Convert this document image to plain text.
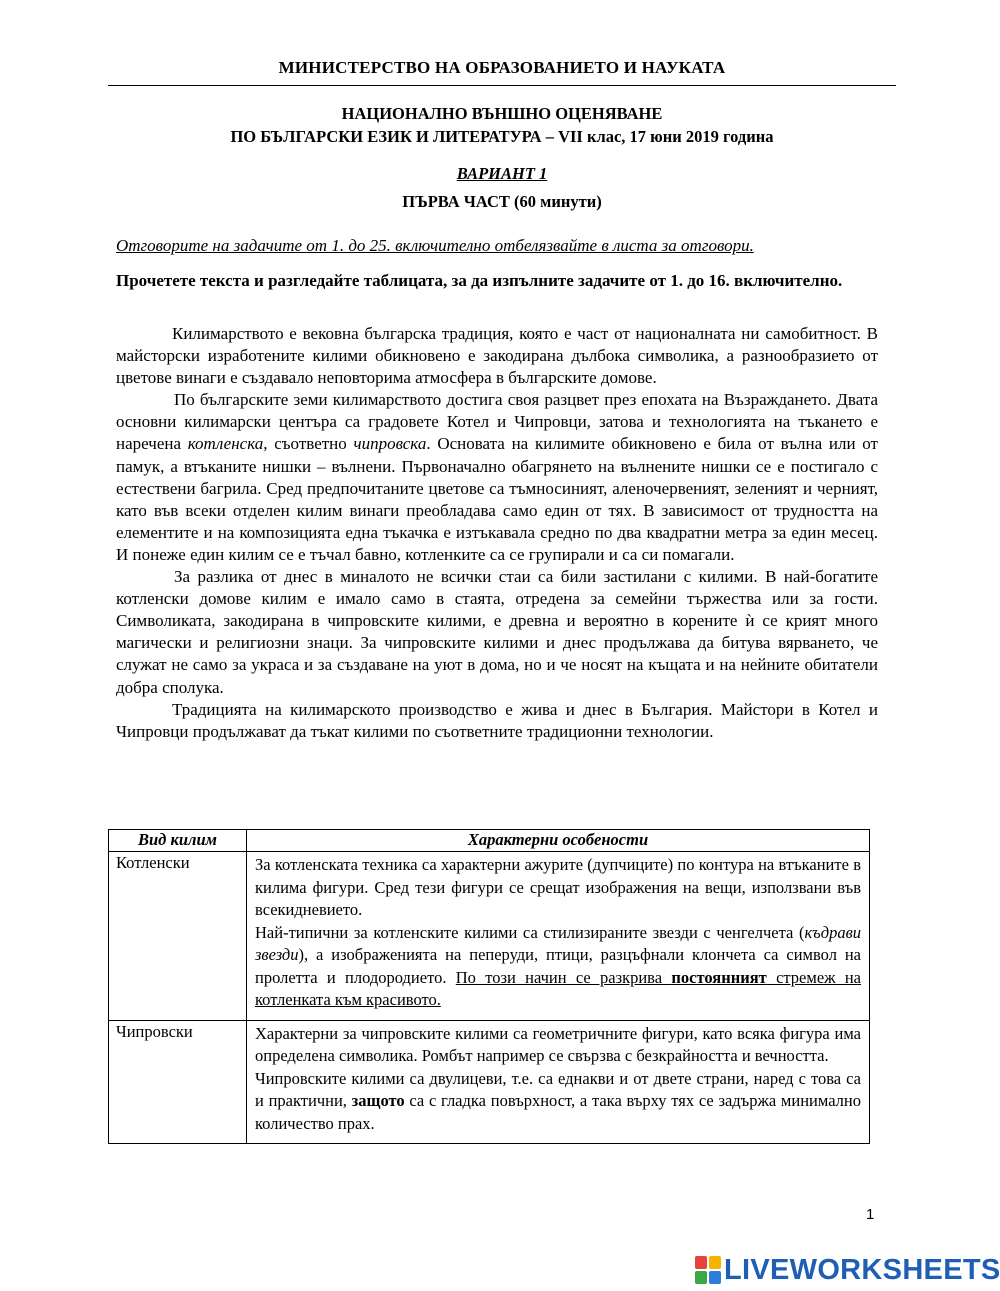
МИНИСТЕРСТВО НА ОБРАЗОВАНИЕТО И НАУКАТА
НАЦИОНАЛНО ВЪНШНО ОЦЕНЯВАНЕ
ПО БЪЛГАРСКИ ЕЗИК И ЛИТЕРАТУРА – VII клас, 17 юни 2019 година
ВАРИАНТ 1
ПЪРВА ЧАСТ (60 минути)
Отговорите на задачите от 1. до 25. включително отбелязвайте в листа за отговори.
Прочетете текста и разгледайте таблицата, за да изпълните задачите от 1. до 16. включително.

Килимарството е вековна българска традиция, която е част от националната ни самобитност. В майсторски изработените килими обикновено е закодирана дълбока символика, а разнообразието от цветове винаги е създавало неповторима атмосфера в българските домове.

По българските земи килимарството достига своя разцвет през епохата на Възраждането. Двата основни килимарски центъра са градовете Котел и Чипровци, затова и технологията на тъкането е наречена котленска, съответно чипровска. Основата на килимите обикновено е била от вълна или от памук, а втъканите нишки – вълнени. Първоначално обагрянето на вълнените нишки се е постигало с естествени багрила. Сред предпочитаните цветове са тъмносиният, аленочервеният, зеленият и черният, като във всеки отделен килим винаги преобладава само един от тях. В зависимост от трудността на елементите и на композицията една тъкачка е изтъкавала средно по два квадратни метра за един месец. И понеже един килим се е тъчал бавно, котленките са се групирали и са си помагали.

За разлика от днес в миналото не всички стаи са били застилани с килими. В най-богатите котленски домове килим е имало само в стаята, отредена за семейни тържества или за гости. Символиката, закодирана в чипровските килими, е древна и вероятно в корените ѝ се крият много магически и религиозни знаци. За чипровските килими и днес продължава да битува вярването, че служат не само за украса и за създаване на уют в дома, но и че носят на къщата и на нейните обитатели добра сполука.

Традицията на килимарското производство е жива и днес в България. Майстори в Котел и Чипровци продължават да тъкат килими по съответните традиционни технологии.

Вид килим	Характерни особености
Котленски	За котленската техника са характерни ажурите (дупчиците) по контура на втъканите в килима фигури. Сред тези фигури се срещат изображения на вещи, използвани във всекидневието.

Най-типични за котленските килими са стилизираните звезди с ченгелчета (къдрави звезди), а изображенията на пеперуди, птици, разцъфнали клончета са символ на пролетта и плодородието. По този начин се разкрива постоянният стремеж на котленката към красивото.

Чипровски	Характерни за чипровските килими са геометричните фигури, като всяка фигура има определена символика. Ромбът например се свързва с безкрайността и вечността.

Чипровските килими са двулицеви, т.е. са еднакви и от двете страни, наред с това са и практични, защото са с гладка повърхност, а така върху тях се задържа минимално количество прах.

1
LIVEWORKSHEETS
